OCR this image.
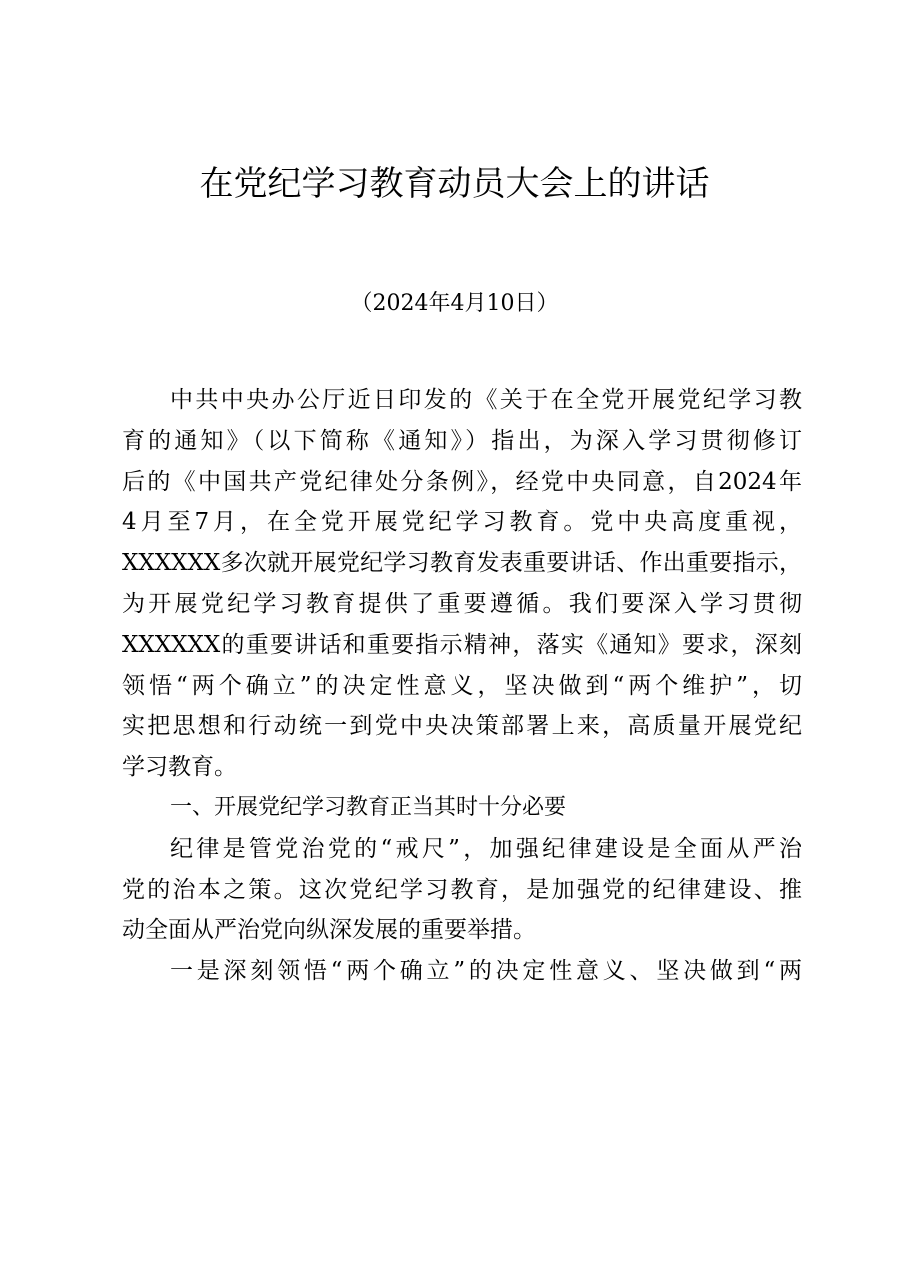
在党纪学习教育动员大会上的讲话
（2024年4月10日）
中共中央办公厅近日印发的《关于在全党开展党纪学习教
育的通知》（以下简称《通知》）指出，为深入学习贯彻修订
后的《中国共产党纪律处分条例》，经党中央同意，自2024年
4月至7月，在全党开展党纪学习教育。党中央高度重视，
XXXXXX多次就开展党纪学习教育发表重要讲话、作出重要指示，
为开展党纪学习教育提供了重要遵循。我们要深入学习贯彻
XXXXXX的重要讲话和重要指示精神，落实《通知》要求，深刻
领悟“两个确立”的决定性意义，坚决做到“两个维护”，切
实把思想和行动统一到党中央决策部署上来，高质量开展党纪
学习教育。
一、开展党纪学习教育正当其时十分必要
纪律是管党治党的“戒尺”，加强纪律建设是全面从严治
党的治本之策。这次党纪学习教育，是加强党的纪律建设、推
动全面从严治党向纵深发展的重要举措。
一是深刻领悟“两个确立”的决定性意义、坚决做到“两
